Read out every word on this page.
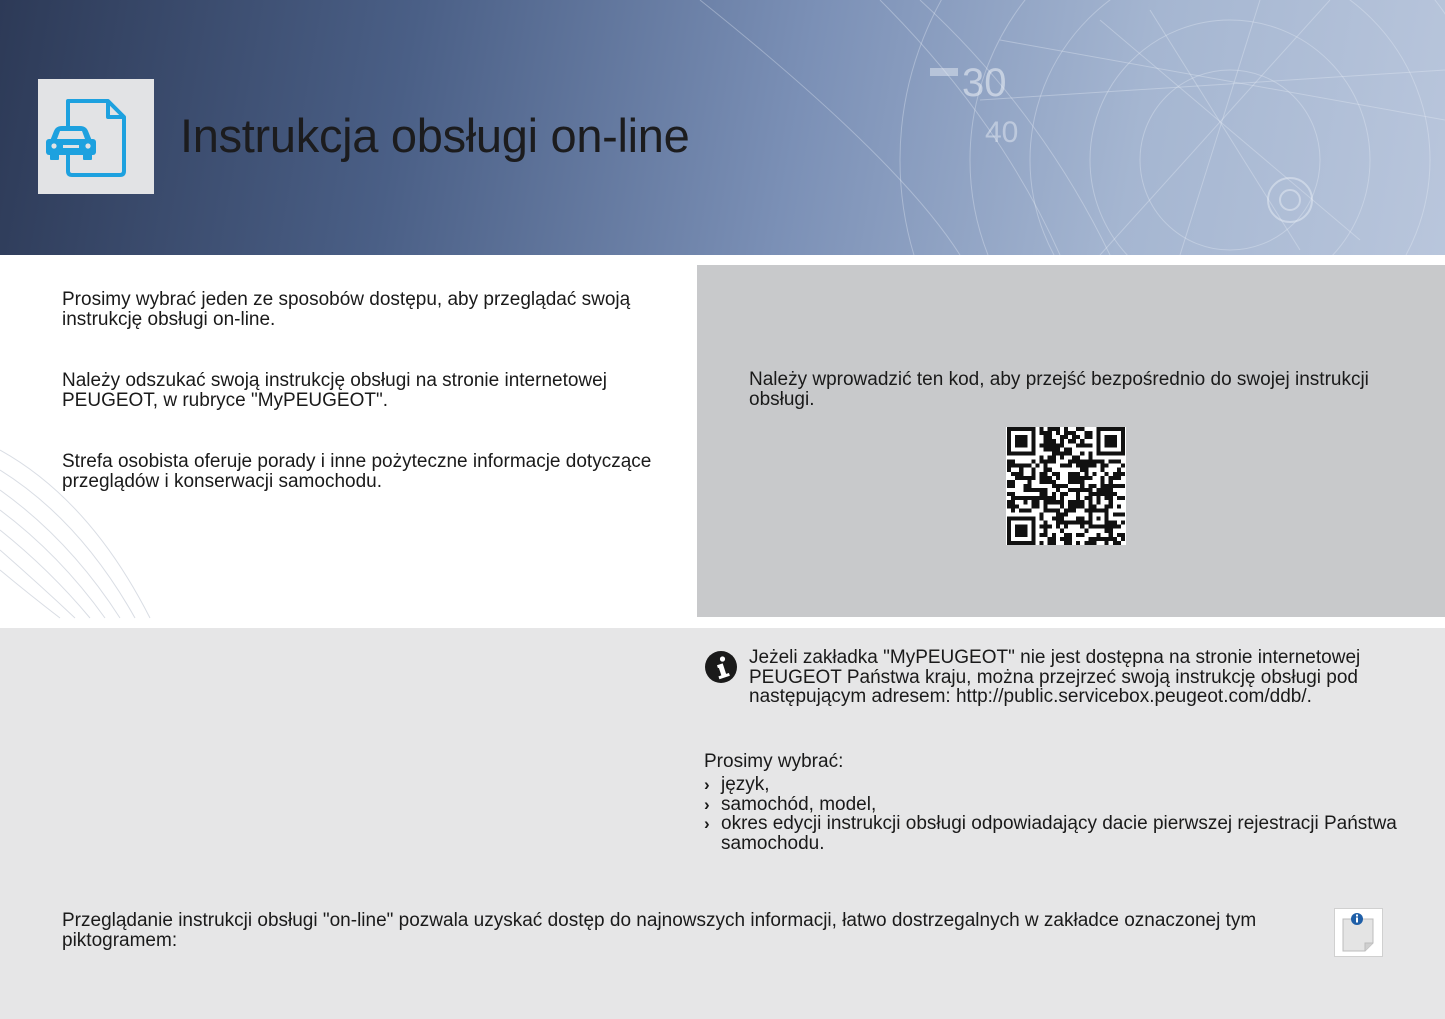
30
40
Instrukcja obsługi on-line

Prosimy wybrać jeden ze sposobów dostępu, aby przeglądać swoją instrukcję obsługi on-line.

Należy odszukać swoją instrukcję obsługi na stronie internetowej PEUGEOT, w rubryce "MyPEUGEOT".

Strefa osobista oferuje porady i inne pożyteczne informacje dotyczące przeglądów i konserwacji samochodu.

Należy wprowadzić ten kod, aby przejść bezpośrednio do swojej instrukcji obsługi.

Jeżeli zakładka "MyPEUGEOT" nie jest dostępna na stronie internetowej PEUGEOT Państwa kraju, można przejrzeć swoją instrukcję obsługi pod następującym adresem: http://public.servicebox.peugeot.com/ddb/.

Prosimy wybrać:

› język,
› samochód, model,
› okres edycji instrukcji obsługi odpowiadający dacie pierwszej rejestracji Państwa samochodu.

Przeglądanie instrukcji obsługi "on-line" pozwala uzyskać dostęp do najnowszych informacji, łatwo dostrzegalnych w zakładce oznaczonej tym piktogramem:
